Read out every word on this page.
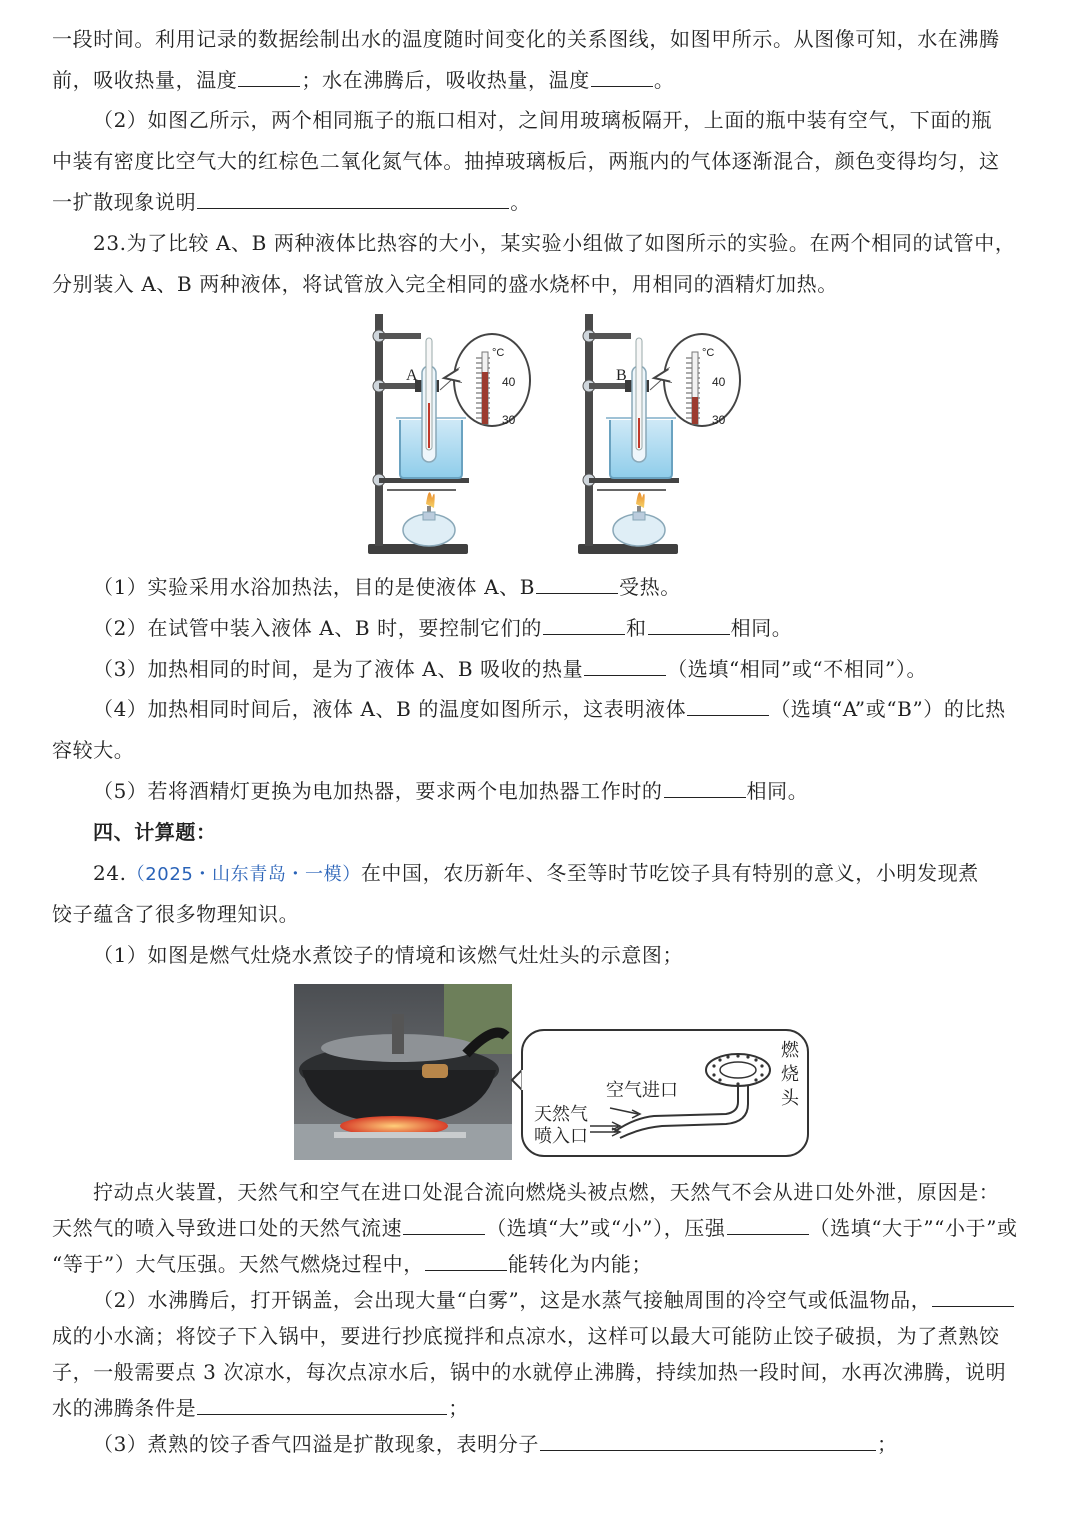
一段时间。利用记录的数据绘制出水的温度随时间变化的关系图线，如图甲所示。从图像可知，水在沸腾
前，吸收热量，温度	；水在沸腾后，吸收热量，温度	。
（2）如图乙所示，两个相同瓶子的瓶口相对，之间用玻璃板隔开，上面的瓶中装有空气，下面的瓶
中装有密度比空气大的红棕色二氧化氮气体。抽掉玻璃板后，两瓶内的气体逐渐混合，颜色变得均匀，这
一扩散现象说明	。
23.为了比较 A、B 两种液体比热容的大小，某实验小组做了如图所示的实验。在两个相同的试管中，
分别装入 A、B 两种液体，将试管放入完全相同的盛水烧杯中，用相同的酒精灯加热。
A	B
°C	°C
40
30
40
30
（1）实验采用水浴加热法，目的是使液体 A、B	受热。
（2）在试管中装入液体 A、B 时，要控制它们的	和	相同。
（3）加热相同的时间，是为了液体 A、B 吸收的热量	（选填“相同”或“不相同”）。
（4）加热相同时间后，液体 A、B 的温度如图所示，这表明液体	（选填“A”或“B”）的比热
容较大。
（5）若将酒精灯更换为电加热器，要求两个电加热器工作时的	相同。
四、计算题：
24.（2025・山东青岛・一模）在中国，农历新年、冬至等时节吃饺子具有特别的意义，小明发现煮
饺子蕴含了很多物理知识。
（1）如图是燃气灶烧水煮饺子的情境和该燃气灶灶头的示意图；
燃
烧
头
空气进口
天然气
喷入口
拧动点火装置，天然气和空气在进口处混合流向燃烧头被点燃，天然气不会从进口处外泄，原因是：
天然气的喷入导致进口处的天然气流速	（选填“大”或“小”），压强	（选填“大于”“小于”或
“等于”）大气压强。天然气燃烧过程中，	能转化为内能；
（2）水沸腾后，打开锅盖，会出现大量“白雾”，这是水蒸气接触周围的冷空气或低温物品，
成的小水滴；将饺子下入锅中，要进行抄底搅拌和点凉水，这样可以最大可能防止饺子破损，为了煮熟饺
子，一般需要点 3 次凉水，每次点凉水后，锅中的水就停止沸腾，持续加热一段时间，水再次沸腾，说明
水的沸腾条件是	；
（3）煮熟的饺子香气四溢是扩散现象，表明分子	；
